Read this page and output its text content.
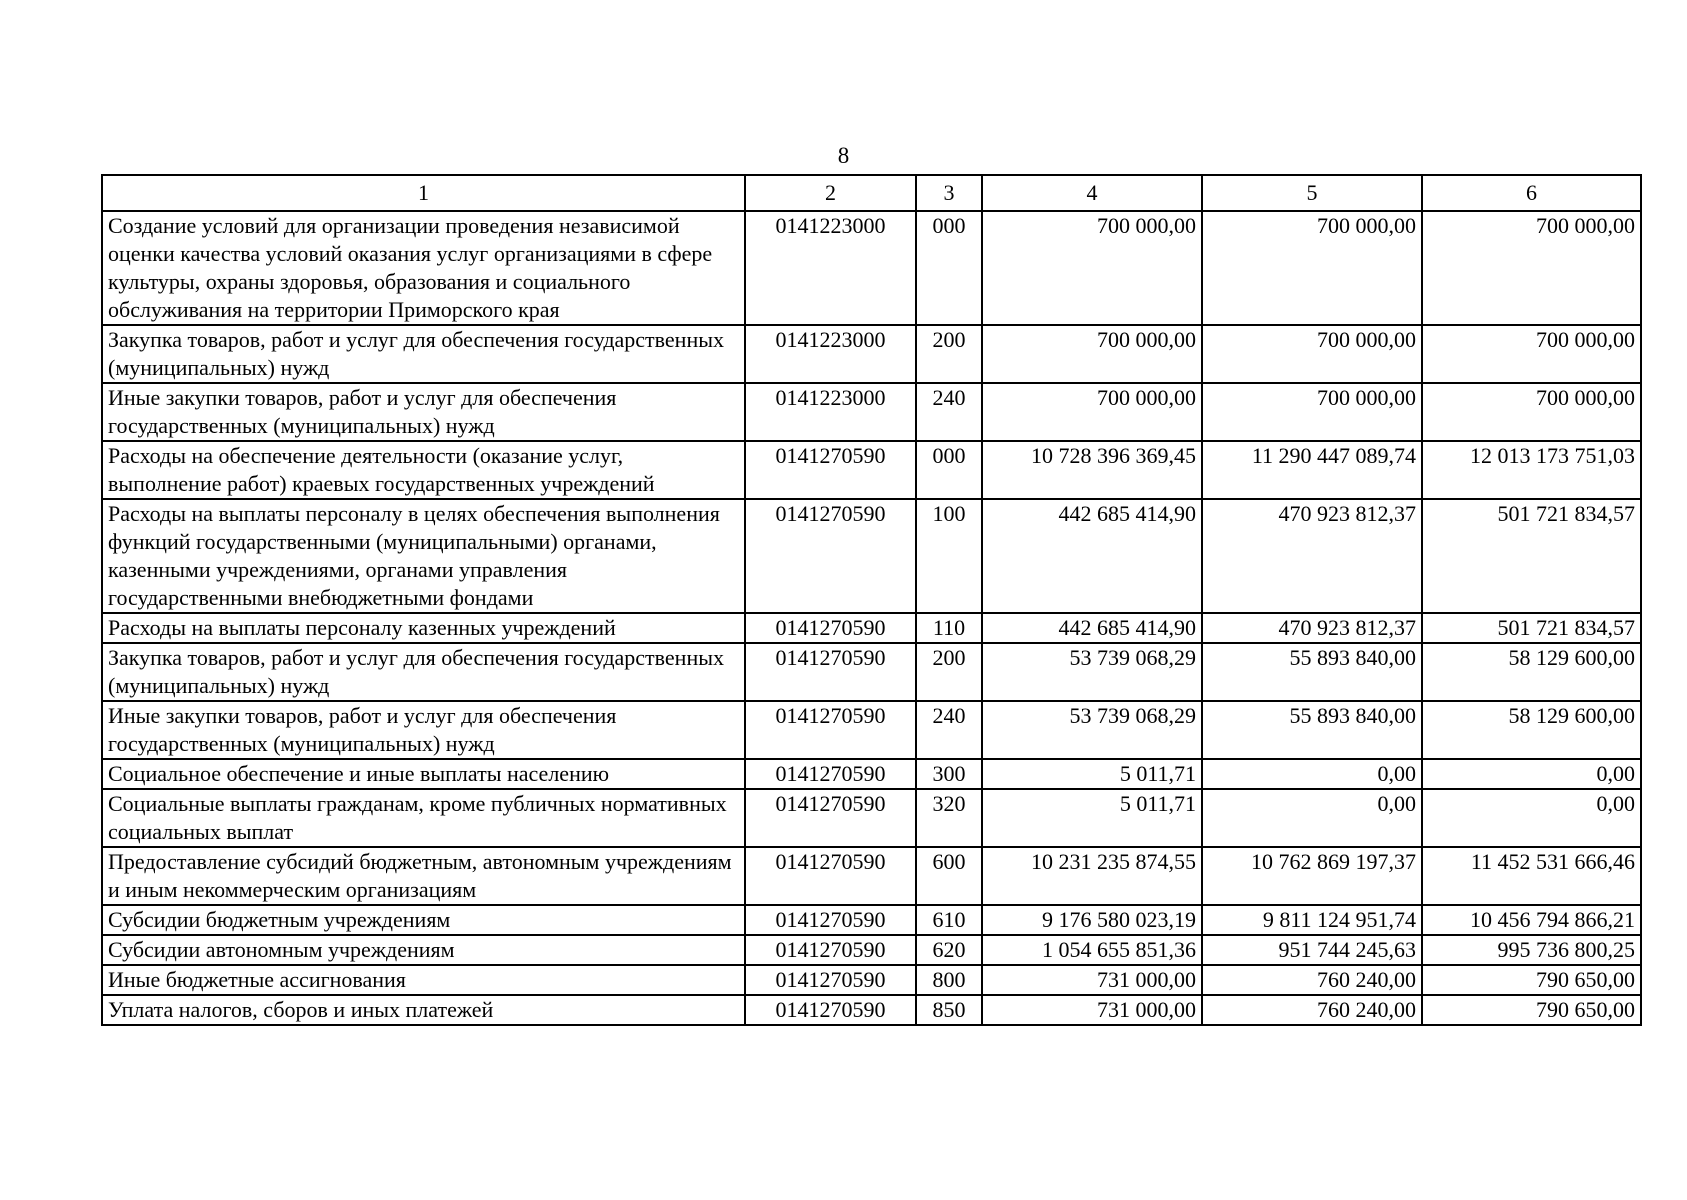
8
1	2	3	4	5	6
Создание условий для организации проведения независимой оценки качества условий оказания услуг организациями в сфере культуры, охраны здоровья, образования и социального обслуживания на территории Приморского края	0141223000	000	700 000,00	700 000,00	700 000,00
Закупка товаров, работ и услуг для обеспечения государственных (муниципальных) нужд	0141223000	200	700 000,00	700 000,00	700 000,00
Иные закупки товаров, работ и услуг для обеспечения государственных (муниципальных) нужд	0141223000	240	700 000,00	700 000,00	700 000,00
Расходы на обеспечение деятельности (оказание услуг, выполнение работ) краевых государственных учреждений	0141270590	000	10 728 396 369,45	11 290 447 089,74	12 013 173 751,03
Расходы на выплаты персоналу в целях обеспечения выполнения функций государственными (муниципальными) органами, казенными учреждениями, органами управления государственными внебюджетными фондами	0141270590	100	442 685 414,90	470 923 812,37	501 721 834,57
Расходы на выплаты персоналу казенных учреждений	0141270590	110	442 685 414,90	470 923 812,37	501 721 834,57
Закупка товаров, работ и услуг для обеспечения государственных (муниципальных) нужд	0141270590	200	53 739 068,29	55 893 840,00	58 129 600,00
Иные закупки товаров, работ и услуг для обеспечения государственных (муниципальных) нужд	0141270590	240	53 739 068,29	55 893 840,00	58 129 600,00
Социальное обеспечение и иные выплаты населению	0141270590	300	5 011,71	0,00	0,00
Социальные выплаты гражданам, кроме публичных нормативных социальных выплат	0141270590	320	5 011,71	0,00	0,00
Предоставление субсидий бюджетным, автономным учреждениям и иным некоммерческим организациям	0141270590	600	10 231 235 874,55	10 762 869 197,37	11 452 531 666,46
Субсидии бюджетным учреждениям	0141270590	610	9 176 580 023,19	9 811 124 951,74	10 456 794 866,21
Субсидии автономным учреждениям	0141270590	620	1 054 655 851,36	951 744 245,63	995 736 800,25
Иные бюджетные ассигнования	0141270590	800	731 000,00	760 240,00	790 650,00
Уплата налогов, сборов и иных платежей	0141270590	850	731 000,00	760 240,00	790 650,00
